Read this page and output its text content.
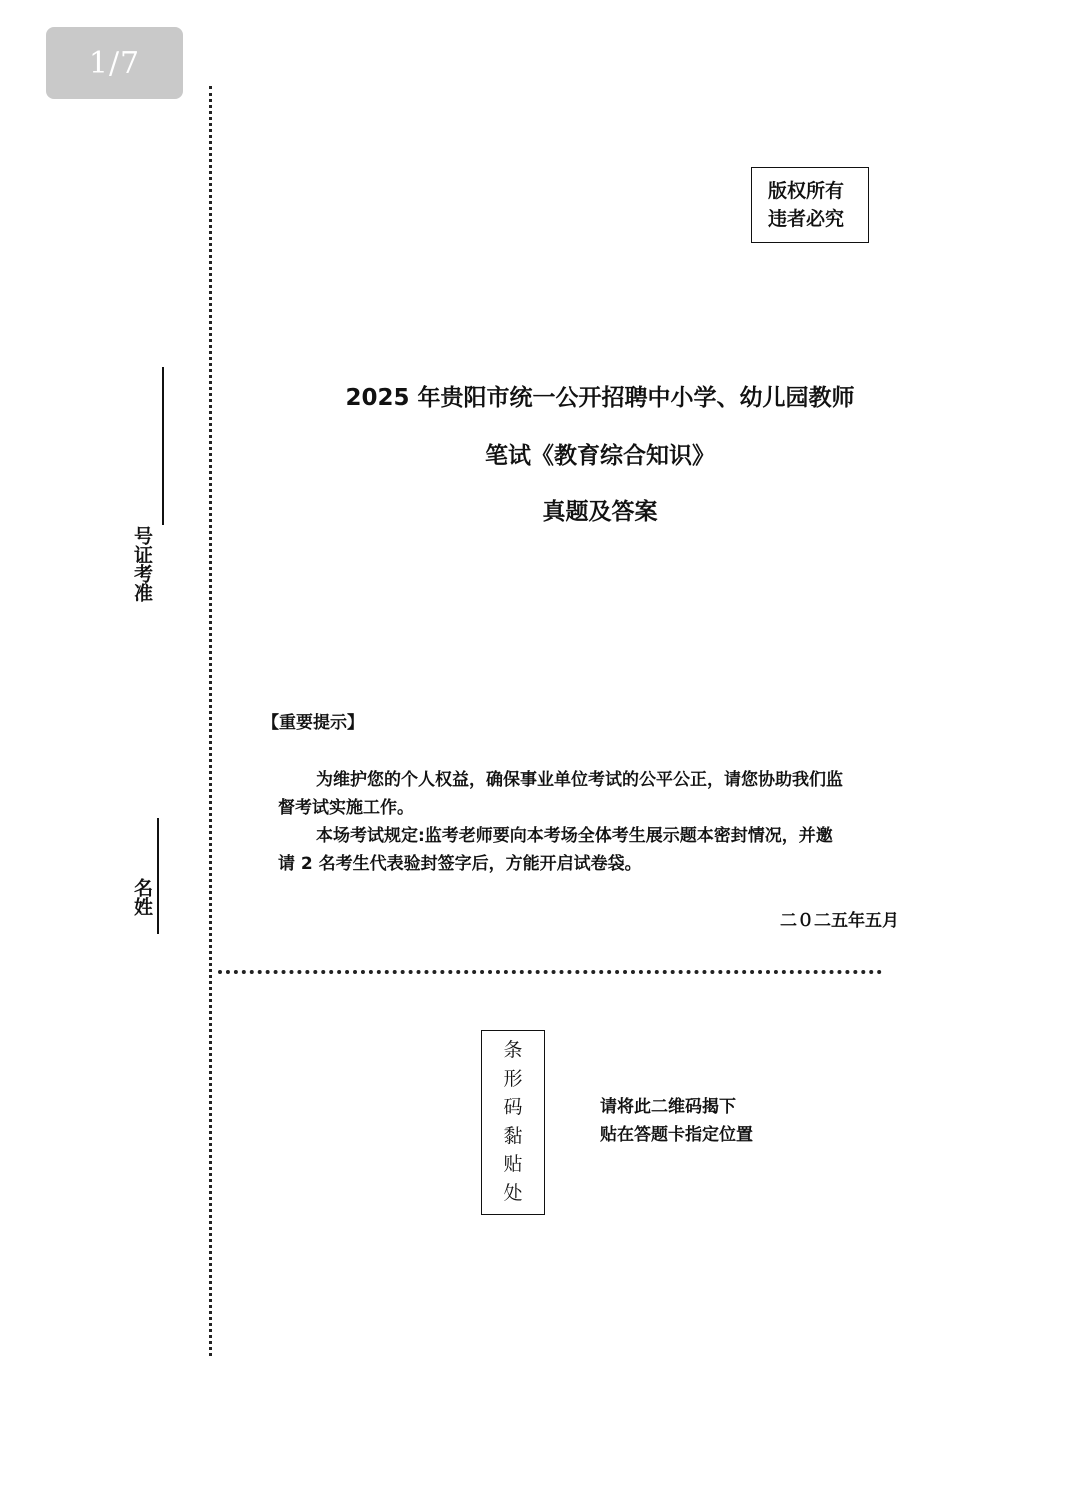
1/7
号证考准
名姓
版权所有
违者必究
2025 年贵阳市统一公开招聘中小学、幼儿园教师
笔试《教育综合知识》
真题及答案
【重要提示】
为维护您的个人权益，确保事业单位考试的公平公正，请您协助我们监
督考试实施工作。
本场考试规定:监考老师要向本考场全体考生展示题本密封情况，并邀
请 2 名考生代表验封签字后，方能开启试卷袋。
二０二五年五月
条
形
码
黏
贴
处
请将此二维码揭下
贴在答题卡指定位置
